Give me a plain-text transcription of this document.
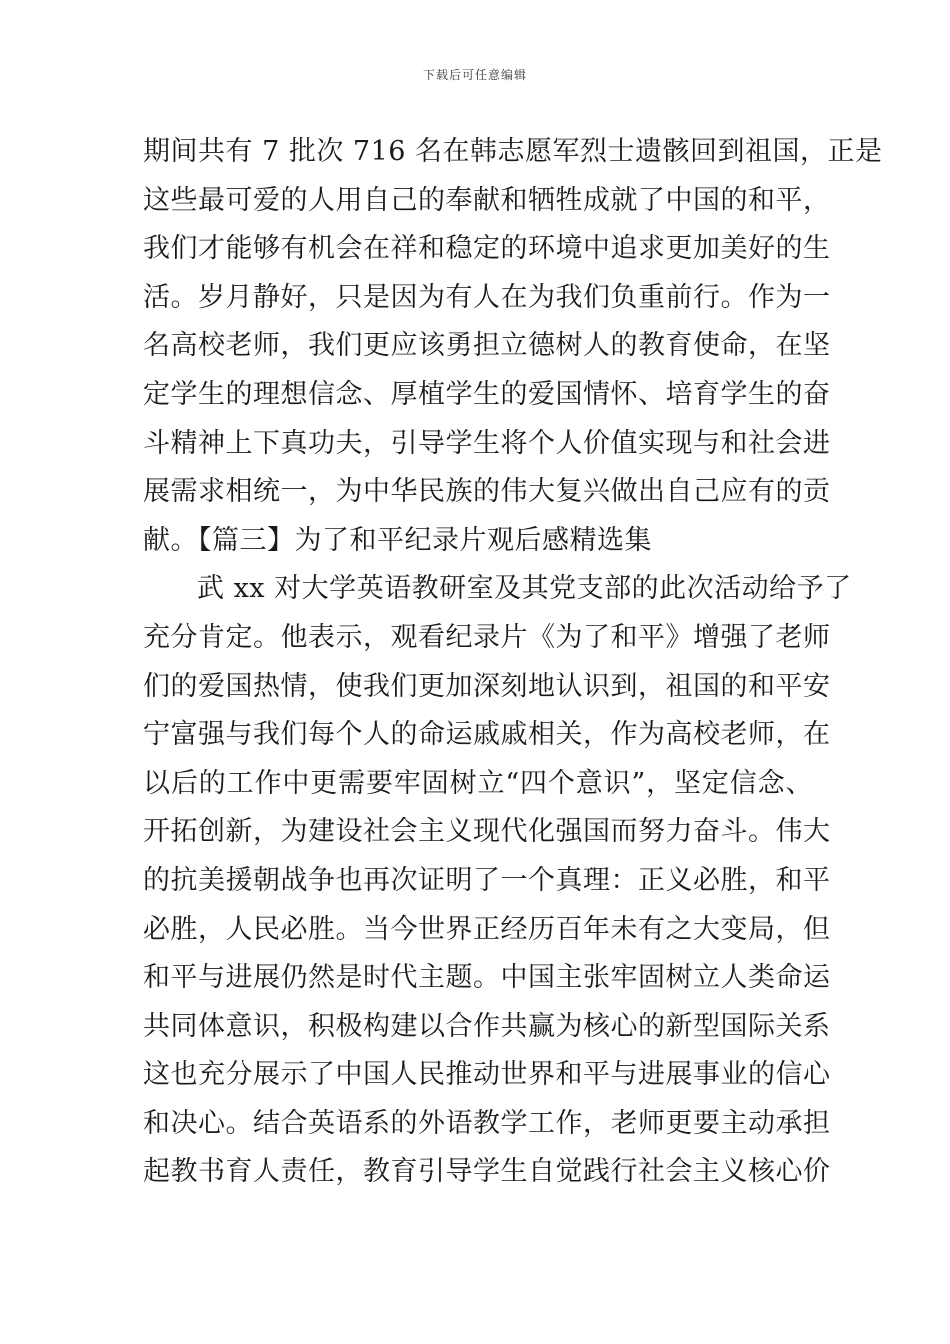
下载后可任意编辑
期间共有 7 批次 716 名在韩志愿军烈士遗骸回到祖国，正是
这些最可爱的人用自己的奉献和牺牲成就了中国的和平，
我们才能够有机会在祥和稳定的环境中追求更加美好的生
活。岁月静好，只是因为有人在为我们负重前行。作为一
名高校老师，我们更应该勇担立德树人的教育使命，在坚
定学生的理想信念、厚植学生的爱国情怀、培育学生的奋
斗精神上下真功夫，引导学生将个人价值实现与和社会进
展需求相统一，为中华民族的伟大复兴做出自己应有的贡
献。【篇三】为了和平纪录片观后感精选集
武 xx 对大学英语教研室及其党支部的此次活动给予了
充分肯定。他表示，观看纪录片《为了和平》增强了老师
们的爱国热情，使我们更加深刻地认识到，祖国的和平安
宁富强与我们每个人的命运戚戚相关，作为高校老师，在
以后的工作中更需要牢固树立“四个意识”，坚定信念、
开拓创新，为建设社会主义现代化强国而努力奋斗。伟大
的抗美援朝战争也再次证明了一个真理：正义必胜，和平
必胜，人民必胜。当今世界正经历百年未有之大变局，但
和平与进展仍然是时代主题。中国主张牢固树立人类命运
共同体意识，积极构建以合作共赢为核心的新型国际关系
这也充分展示了中国人民推动世界和平与进展事业的信心
和决心。结合英语系的外语教学工作，老师更要主动承担
起教书育人责任，教育引导学生自觉践行社会主义核心价
